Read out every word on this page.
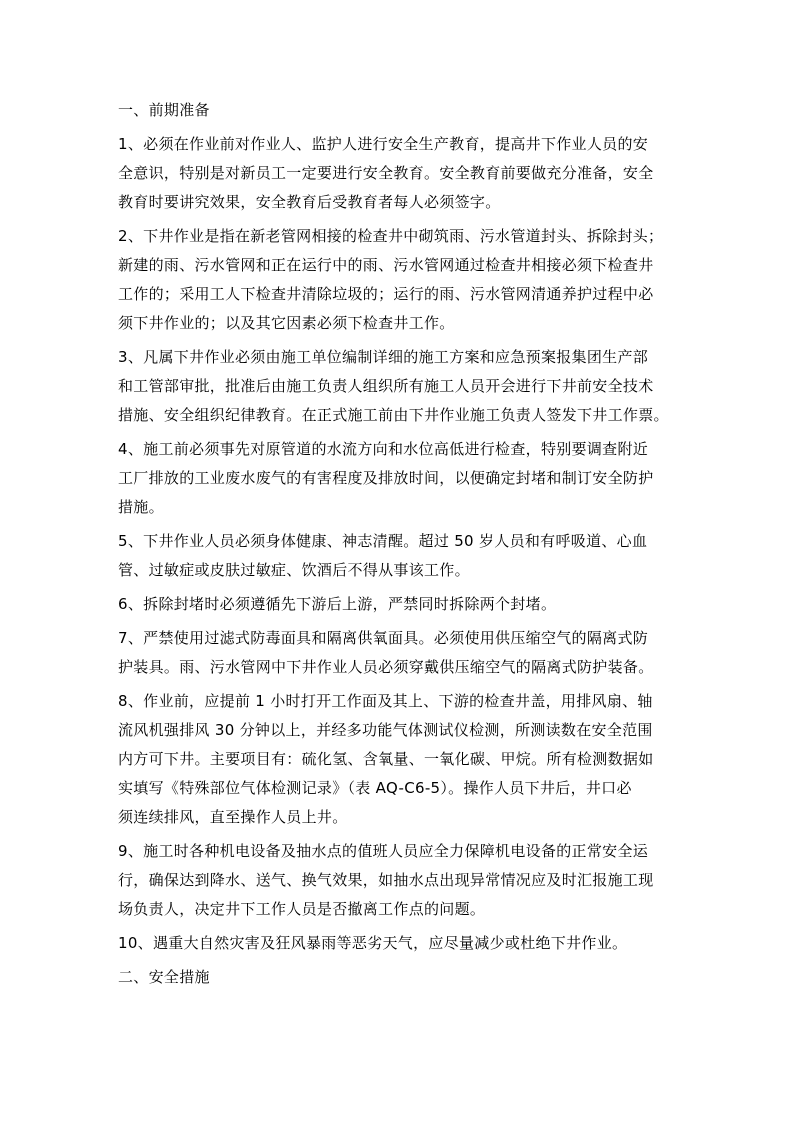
一、前期准备
1、必须在作业前对作业人、监护人进行安全生产教育，提高井下作业人员的安
全意识，特别是对新员工一定要进行安全教育。安全教育前要做充分准备，安全
教育时要讲究效果，安全教育后受教育者每人必须签字。
2、下井作业是指在新老管网相接的检查井中砌筑雨、污水管道封头、拆除封头；
新建的雨、污水管网和正在运行中的雨、污水管网通过检查井相接必须下检查井
工作的；采用工人下检查井清除垃圾的；运行的雨、污水管网清通养护过程中必
须下井作业的；以及其它因素必须下检查井工作。
3、凡属下井作业必须由施工单位编制详细的施工方案和应急预案报集团生产部
和工管部审批，批准后由施工负责人组织所有施工人员开会进行下井前安全技术
措施、安全组织纪律教育。在正式施工前由下井作业施工负责人签发下井工作票。
4、施工前必须事先对原管道的水流方向和水位高低进行检查，特别要调查附近
工厂排放的工业废水废气的有害程度及排放时间，以便确定封堵和制订安全防护
措施。
5、下井作业人员必须身体健康、神志清醒。超过 50 岁人员和有呼吸道、心血
管、过敏症或皮肤过敏症、饮酒后不得从事该工作。
6、拆除封堵时必须遵循先下游后上游，严禁同时拆除两个封堵。
7、严禁使用过滤式防毒面具和隔离供氧面具。必须使用供压缩空气的隔离式防
护装具。雨、污水管网中下井作业人员必须穿戴供压缩空气的隔离式防护装备。
8、作业前，应提前 1 小时打开工作面及其上、下游的检查井盖，用排风扇、轴
流风机强排风 30 分钟以上，并经多功能气体测试仪检测，所测读数在安全范围
内方可下井。主要项目有：硫化氢、含氧量、一氧化碳、甲烷。所有检测数据如
实填写《特殊部位气体检测记录》（表 AQ-C6-5）。操作人员下井后，井口必
须连续排风，直至操作人员上井。
9、施工时各种机电设备及抽水点的值班人员应全力保障机电设备的正常安全运
行，确保达到降水、送气、换气效果，如抽水点出现异常情况应及时汇报施工现
场负责人，决定井下工作人员是否撤离工作点的问题。
10、遇重大自然灾害及狂风暴雨等恶劣天气，应尽量减少或杜绝下井作业。
二、安全措施
